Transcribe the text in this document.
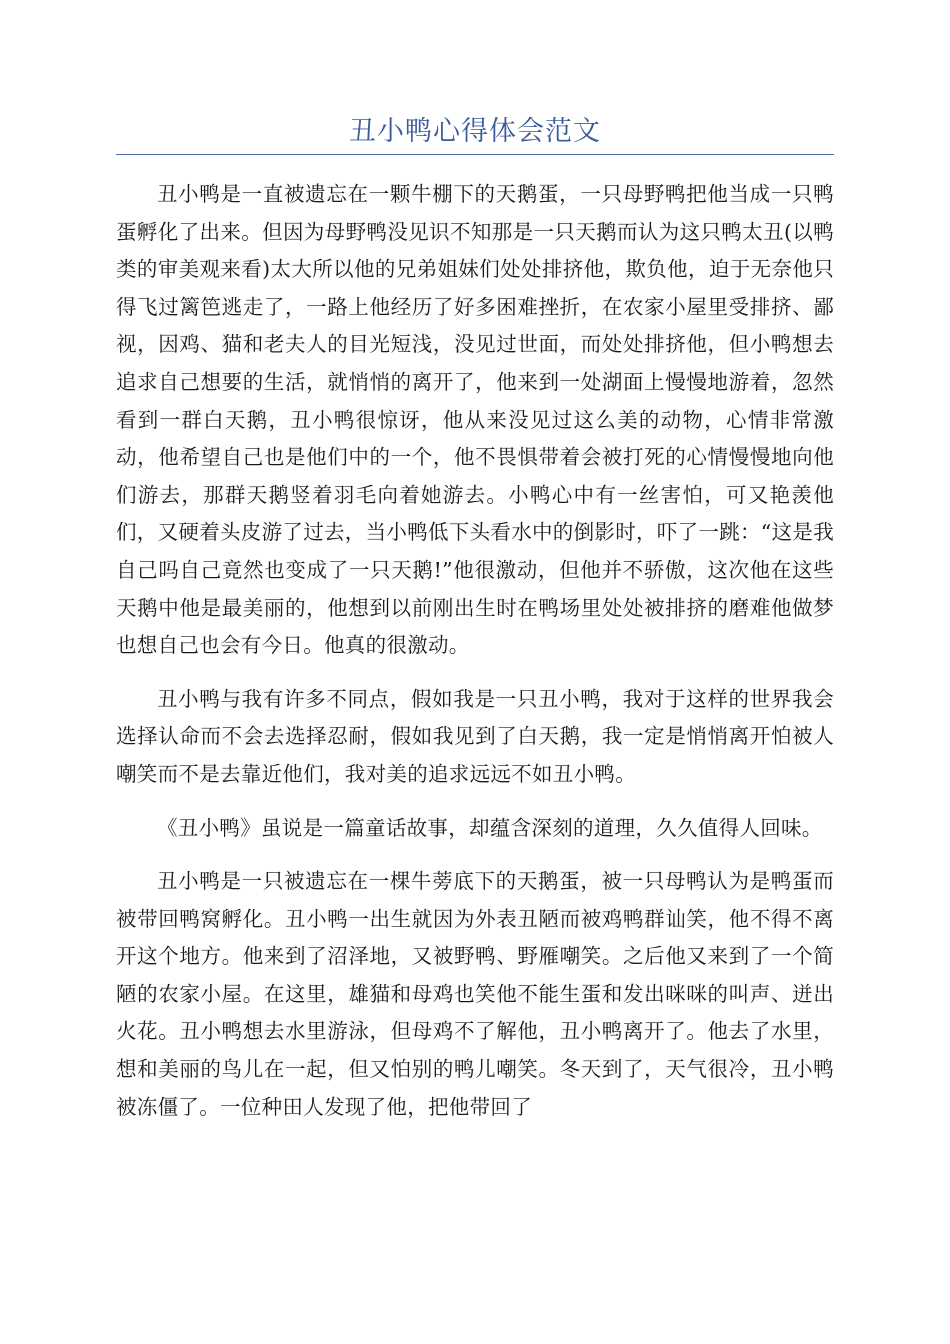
丑小鸭心得体会范文

丑小鸭是一直被遗忘在一颗牛棚下的天鹅蛋，一只母野鸭把他当成一只鸭蛋孵化了出来。但因为母野鸭没见识不知那是一只天鹅而认为这只鸭太丑(以鸭类的审美观来看)太大所以他的兄弟姐妹们处处排挤他，欺负他，迫于无奈他只得飞过篱笆逃走了，一路上他经历了好多困难挫折，在农家小屋里受排挤、鄙视，因鸡、猫和老夫人的目光短浅，没见过世面，而处处排挤他，但小鸭想去追求自己想要的生活，就悄悄的离开了，他来到一处湖面上慢慢地游着，忽然看到一群白天鹅，丑小鸭很惊讶，他从来没见过这么美的动物，心情非常激动，他希望自己也是他们中的一个，他不畏惧带着会被打死的心情慢慢地向他们游去，那群天鹅竖着羽毛向着她游去。小鸭心中有一丝害怕，可又艳羡他们，又硬着头皮游了过去，当小鸭低下头看水中的倒影时，吓了一跳：“这是我自己吗自己竟然也变成了一只天鹅!”他很激动，但他并不骄傲，这次他在这些天鹅中他是最美丽的，他想到以前刚出生时在鸭场里处处被排挤的磨难他做梦也想自己也会有今日。他真的很激动。

丑小鸭与我有许多不同点，假如我是一只丑小鸭，我对于这样的世界我会选择认命而不会去选择忍耐，假如我见到了白天鹅，我一定是悄悄离开怕被人嘲笑而不是去靠近他们，我对美的追求远远不如丑小鸭。

《丑小鸭》虽说是一篇童话故事，却蕴含深刻的道理，久久值得人回味。

丑小鸭是一只被遗忘在一棵牛蒡底下的天鹅蛋，被一只母鸭认为是鸭蛋而被带回鸭窝孵化。丑小鸭一出生就因为外表丑陋而被鸡鸭群讪笑，他不得不离开这个地方。他来到了沼泽地，又被野鸭、野雁嘲笑。之后他又来到了一个简陋的农家小屋。在这里，雄猫和母鸡也笑他不能生蛋和发出咪咪的叫声、迸出火花。丑小鸭想去水里游泳，但母鸡不了解他，丑小鸭离开了。他去了水里，想和美丽的鸟儿在一起，但又怕别的鸭儿嘲笑。冬天到了，天气很冷，丑小鸭被冻僵了。一位种田人发现了他，把他带回了
